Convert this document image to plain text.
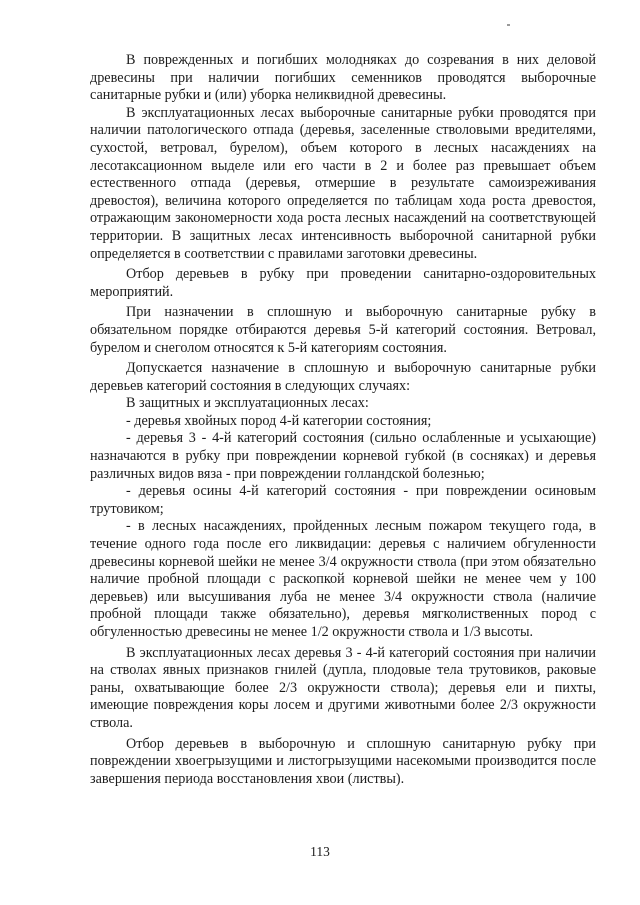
В поврежденных и погибших молодняках до созревания в них деловой древесины при наличии погибших семенников проводятся выборочные санитарные рубки и (или) уборка неликвидной древесины.

В эксплуатационных лесах выборочные санитарные рубки проводятся при наличии патологического отпада (деревья, заселенные стволовыми вредителями, сухостой, ветровал, бурелом), объем которого в лесных насаждениях на лесотаксационном выделе или его части в 2 и более раз превышает объем естественного отпада (деревья, отмершие в результате самоизреживания древостоя), величина которого определяется по таблицам хода роста древостоя, отражающим закономерности хода роста лесных насаждений на соответствующей территории. В защитных лесах интенсивность выборочной санитарной рубки определяется в соответствии с правилами заготовки древесины.

Отбор деревьев в рубку при проведении санитарно-оздоровительных мероприятий.

При назначении в сплошную и выборочную санитарные рубку в обязательном порядке отбираются деревья 5-й категорий состояния. Ветровал, бурелом и снеголом относятся к 5-й категориям состояния.

Допускается назначение в сплошную и выборочную санитарные рубки деревьев категорий состояния в следующих случаях:

В защитных и эксплуатационных лесах:

- деревья хвойных пород 4-й категории состояния;

- деревья 3 - 4-й категорий состояния (сильно ослабленные и усыхающие) назначаются в рубку при повреждении корневой губкой (в сосняках) и деревья различных видов вяза - при повреждении голландской болезнью;

- деревья осины 4-й категорий состояния - при повреждении осиновым трутовиком;

- в лесных насаждениях, пройденных лесным пожаром текущего года, в течение одного года после его ликвидации: деревья с наличием обгуленности древесины корневой шейки не менее 3/4 окружности ствола (при этом обязательно наличие пробной площади с раскопкой корневой шейки не менее чем у 100 деревьев) или высушивания луба не менее 3/4 окружности ствола (наличие пробной площади также обязательно), деревья мягколиственных пород с обгуленностью древесины не менее 1/2 окружности ствола и 1/3 высоты.

В эксплуатационных лесах деревья 3 - 4-й категорий состояния при наличии на стволах явных признаков гнилей (дупла, плодовые тела трутовиков, раковые раны, охватывающие более 2/3 окружности ствола); деревья ели и пихты, имеющие повреждения коры лосем и другими животными более 2/3 окружности ствола.

Отбор деревьев в выборочную и сплошную санитарную рубку при повреждении хвоегрызущими и листогрызущими насекомыми производится после завершения периода восстановления хвои (листвы).

113
